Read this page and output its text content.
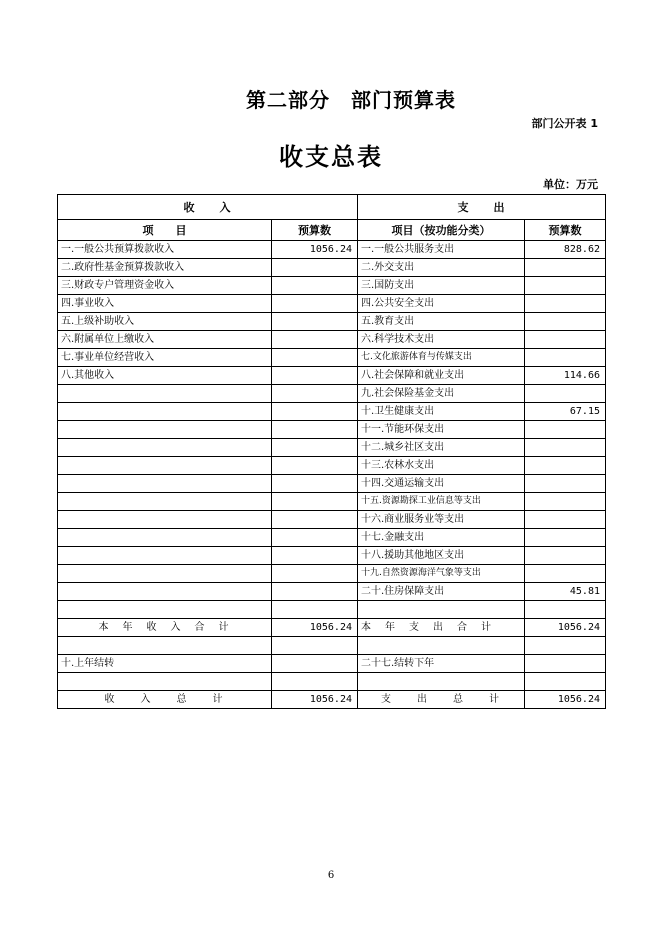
第二部分　部门预算表
部门公开表 1
收支总表
单位：万元
收　　入		支　　出	
项　　目	预算数	项目（按功能分类）	预算数
一.一般公共预算拨款收入	1056.24	一.一般公共服务支出	828.62
二.政府性基金预算拨款收入		二.外交支出	
三.财政专户管理资金收入		三.国防支出	
四.事业收入		四.公共安全支出	
五.上级补助收入		五.教育支出	
六.附属单位上缴收入		六.科学技术支出	
七.事业单位经营收入		七.文化旅游体育与传媒支出	
八.其他收入		八.社会保障和就业支出	114.66
		九.社会保险基金支出	
		十.卫生健康支出	67.15
		十一.节能环保支出	
		十二.城乡社区支出	
		十三.农林水支出	
		十四.交通运输支出	
		十五.资源勘探工业信息等支出	
		十六.商业服务业等支出	
		十七.金融支出	
		十八.援助其他地区支出	
		十九.自然资源海洋气象等支出	
		二十.住房保障支出	45.81

本　年　收　入　合　计	1056.24	本　年　支　出　合　计	1056.24

十.上年结转		二十七.结转下年	

收　　入　　总　　计	1056.24	支　　出　　总　　计	1056.24
6
